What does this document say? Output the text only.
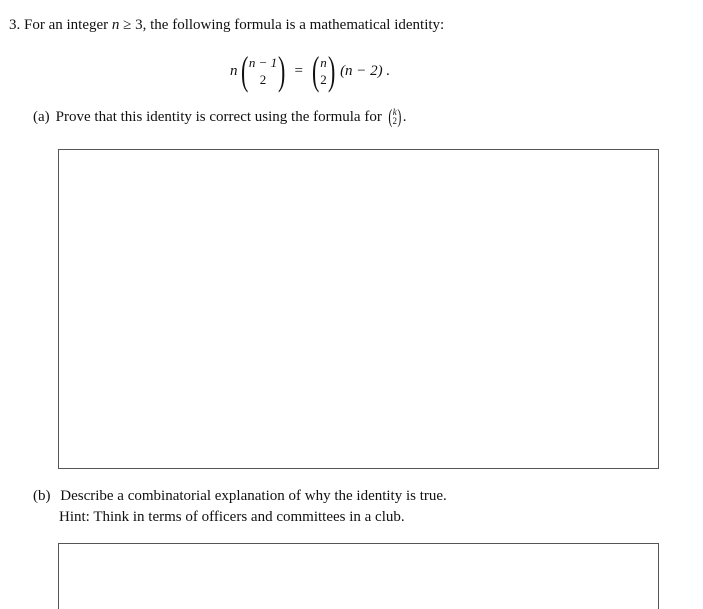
3. For an integer n ≥ 3, the following formula is a mathematical identity:
n ( n − 1
2 ) = ( n
2 ) (n − 2) .
(a) Prove that this identity is correct using the formula for ( k
2 ) .
(b) Describe a combinatorial explanation of why the identity is true.
Hint: Think in terms of officers and committees in a club.
